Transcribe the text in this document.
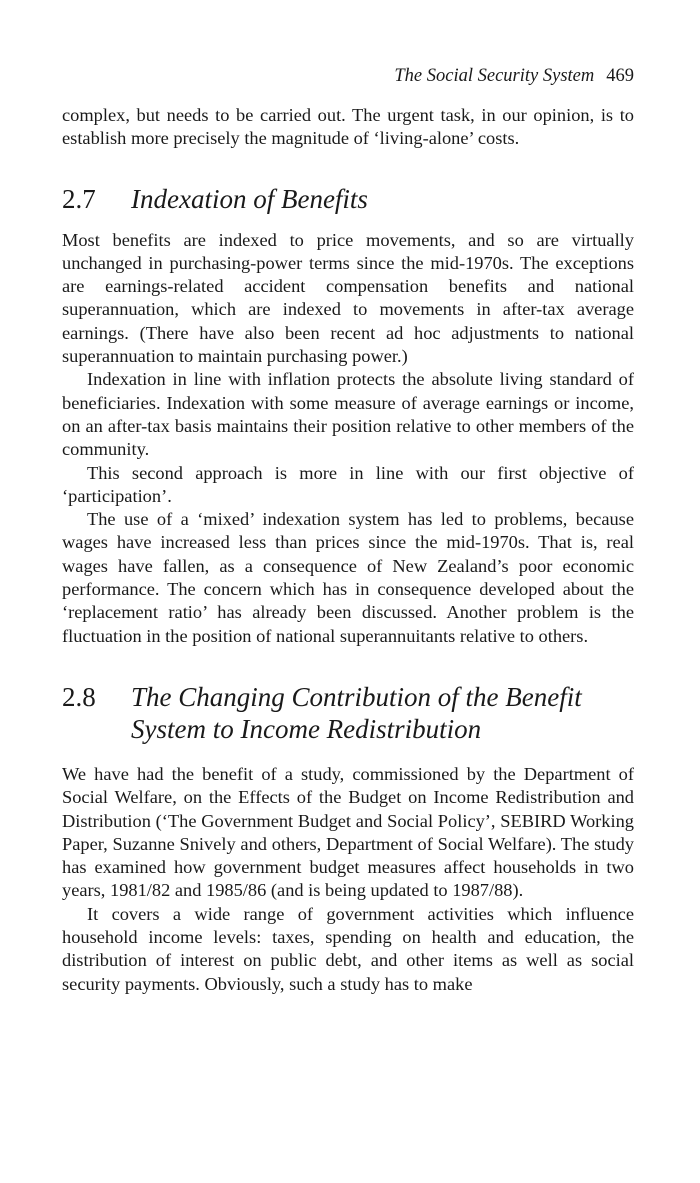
The Social Security System 469

complex, but needs to be carried out. The urgent task, in our opinion, is to establish more precisely the magnitude of ‘living-alone’ costs.

2.7	Indexation of Benefits

Most benefits are indexed to price movements, and so are virtually unchanged in purchasing-power terms since the mid-1970s. The exceptions are earnings-related accident compensation benefits and national superannuation, which are indexed to movements in after-tax average earnings. (There have also been recent ad hoc adjustments to national superannuation to maintain purchasing power.)

Indexation in line with inflation protects the absolute living standard of beneficiaries. Indexation with some measure of average earnings or income, on an after-tax basis maintains their position relative to other members of the community.

This second approach is more in line with our first objective of ‘participation’.

The use of a ‘mixed’ indexation system has led to problems, because wages have increased less than prices since the mid-1970s. That is, real wages have fallen, as a consequence of New Zealand’s poor economic performance. The concern which has in consequence developed about the ‘replacement ratio’ has already been discussed. Another problem is the fluctuation in the position of national superannuitants relative to others.

2.8	The Changing Contribution of the Benefit
System to Income Redistribution

We have had the benefit of a study, commissioned by the Department of Social Welfare, on the Effects of the Budget on Income Redistribution and Distribution (‘The Government Budget and Social Policy’, SEBIRD Working Paper, Suzanne Snively and others, Department of Social Welfare). The study has examined how government budget measures affect households in two years, 1981/82 and 1985/86 (and is being updated to 1987/88).

It covers a wide range of government activities which influence household income levels: taxes, spending on health and education, the distribution of interest on public debt, and other items as well as social security payments. Obviously, such a study has to make
